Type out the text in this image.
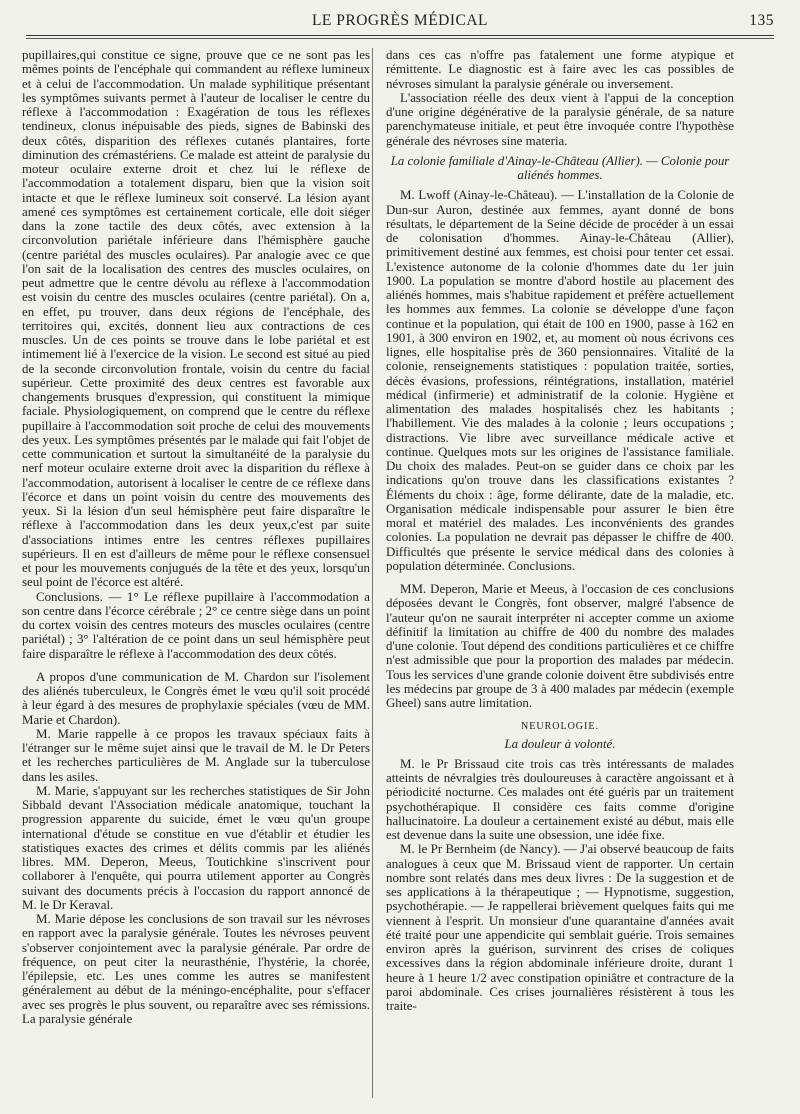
LE PROGRÈS MÉDICAL	135

pupillaires,qui constitue ce signe, prouve que ce ne sont pas les mêmes points de l'encéphale qui commandent au réflexe lumineux et à celui de l'accommodation. Un malade syphilitique présentant les symptômes suivants permet à l'auteur de localiser le centre du réflexe à l'accommodation : Exagération de tous les réflexes tendineux, clonus inépuisable des pieds, signes de Babinski des deux côtés, disparition des réflexes cutanés plantaires, forte diminution des crémastériens. Ce malade est atteint de paralysie du moteur oculaire externe droit et chez lui le réflexe de l'accommodation a totalement disparu, bien que la vision soit intacte et que le réflexe lumineux soit conservé. La lésion ayant amené ces symptômes est certainement corticale, elle doit siéger dans la zone tactile des deux côtés, avec extension à la circonvolution pariétale inférieure dans l'hémisphère gauche (centre pariétal des muscles oculaires). Par analogie avec ce que l'on sait de la localisation des centres des muscles oculaires, on peut admettre que le centre dévolu au réflexe à l'accommodation est voisin du centre des muscles oculaires (centre pariétal). On a, en effet, pu trouver, dans deux régions de l'encéphale, des territoires qui, excités, donnent lieu aux contractions de ces muscles. Un de ces points se trouve dans le lobe pariétal et est intimement lié à l'exercice de la vision. Le second est situé au pied de la seconde circonvolution frontale, voisin du centre du facial supérieur. Cette proximité des deux centres est favorable aux changements brusques d'expression, qui constituent la mimique faciale. Physiologiquement, on comprend que le centre du réflexe pupillaire à l'accommodation soit proche de celui des mouvements des yeux. Les symptômes présentés par le malade qui fait l'objet de cette communication et surtout la simultanéité de la paralysie du nerf moteur oculaire externe droit avec la disparition du réflexe à l'accommodation, autorisent à localiser le centre de ce réflexe dans l'écorce et dans un point voisin du centre des mouvements des yeux. Si la lésion d'un seul hémisphère peut faire disparaître le réflexe à l'accommodation dans les deux yeux,c'est par suite d'associations intimes entre les centres réflexes pupillaires supérieurs. Il en est d'ailleurs de même pour le réflexe consensuel et pour les mouvements conjugués de la tête et des yeux, lorsqu'un seul point de l'écorce est altéré.

Conclusions. — 1° Le réflexe pupillaire à l'accommodation a son centre dans l'écorce cérébrale ; 2° ce centre siège dans un point du cortex voisin des centres moteurs des muscles oculaires (centre pariétal) ; 3° l'altération de ce point dans un seul hémisphère peut faire disparaître le réflexe à l'accommodation des deux côtés.

A propos d'une communication de M. Chardon sur l'isolement des aliénés tuberculeux, le Congrès émet le vœu qu'il soit procédé à leur égard à des mesures de prophylaxie spéciales (vœu de MM. Marie et Chardon).

M. Marie rappelle à ce propos les travaux spéciaux faits à l'étranger sur le même sujet ainsi que le travail de M. le Dr Peters et les recherches particulières de M. Anglade sur la tuberculose dans les asiles.

M. Marie, s'appuyant sur les recherches statistiques de Sir John Sibbald devant l'Association médicale anatomique, touchant la progression apparente du suicide, émet le vœu qu'un groupe international d'étude se constitue en vue d'établir et étudier les statistiques exactes des crimes et délits commis par les aliénés libres. MM. Deperon, Meeus, Toutichkine s'inscrivent pour collaborer à l'enquête, qui pourra utilement apporter au Congrès suivant des documents précis à l'occasion du rapport annoncé de M. le Dr Keraval.

M. Marie dépose les conclusions de son travail sur les névroses en rapport avec la paralysie générale. Toutes les névroses peuvent s'observer conjointement avec la paralysie générale. Par ordre de fréquence, on peut citer la neurasthénie, l'hystérie, la chorée, l'épilepsie, etc. Les unes comme les autres se manifestent généralement au début de la méningo-encéphalite, pour s'effacer avec ses progrès le plus souvent, ou reparaître avec ses rémissions. La paralysie générale

dans ces cas n'offre pas fatalement une forme atypique et rémittente. Le diagnostic est à faire avec les cas possibles de névroses simulant la paralysie générale ou inversement.

L'association réelle des deux vient à l'appui de la conception d'une origine dégénérative de la paralysie générale, de sa nature parenchymateuse initiale, et peut être invoquée contre l'hypothèse générale des névroses sine materia.

La colonie familiale d'Ainay-le-Château (Allier). — Colonie pour aliénés hommes.

M. Lwoff (Ainay-le-Château). — L'installation de la Colonie de Dun-sur Auron, destinée aux femmes, ayant donné de bons résultats, le département de la Seine décide de procéder à un essai de colonisation d'hommes. Ainay-le-Château (Allier), primitivement destiné aux femmes, est choisi pour tenter cet essai. L'existence autonome de la colonie d'hommes date du 1er juin 1900. La population se montre d'abord hostile au placement des aliénés hommes, mais s'habitue rapidement et préfère actuellement les hommes aux femmes. La colonie se développe d'une façon continue et la population, qui était de 100 en 1900, passe à 162 en 1901, à 300 environ en 1902, et, au moment où nous écrivons ces lignes, elle hospitalise près de 360 pensionnaires. Vitalité de la colonie, renseignements statistiques : population traitée, sorties, décès évasions, professions, réintégrations, installation, matériel médical (infirmerie) et administratif de la colonie. Hygiène et alimentation des malades hospitalisés chez les habitants ; l'habillement. Vie des malades à la colonie ; leurs occupations ; distractions. Vie libre avec surveillance médicale active et continue. Quelques mots sur les origines de l'assistance familiale. Du choix des malades. Peut-on se guider dans ce choix par les indications qu'on trouve dans les classifications existantes ? Éléments du choix : âge, forme délirante, date de la maladie, etc. Organisation médicale indispensable pour assurer le bien être moral et matériel des malades. Les inconvénients des grandes colonies. La population ne devrait pas dépasser le chiffre de 400. Difficultés que présente le service médical dans des colonies à population déterminée. Conclusions.

MM. Deperon, Marie et Meeus, à l'occasion de ces conclusions déposées devant le Congrès, font observer, malgré l'absence de l'auteur qu'on ne saurait interpréter ni accepter comme un axiome définitif la limitation au chiffre de 400 du nombre des malades d'une colonie. Tout dépend des conditions particulières et ce chiffre n'est admissible que pour la proportion des malades par médecin. Tous les services d'une grande colonie doivent être subdivisés entre les médecins par groupe de 3 à 400 malades par médecin (exemple Gheel) sans autre limitation.

NEUROLOGIE.

La douleur à volonté.

M. le Pr Brissaud cite trois cas très intéressants de malades atteints de névralgies très douloureuses à caractère angoissant et à périodicité nocturne. Ces malades ont été guéris par un traitement psychothérapique. Il considère ces faits comme d'origine hallucinatoire. La douleur a certainement existé au début, mais elle est devenue dans la suite une obsession, une idée fixe.

M. le Pr Bernheim (de Nancy). — J'ai observé beaucoup de faits analogues à ceux que M. Brissaud vient de rapporter. Un certain nombre sont relatés dans mes deux livres : De la suggestion et de ses applications à la thérapeutique ; — Hypnotisme, suggestion, psychothérapie. — Je rappellerai brièvement quelques faits qui me viennent à l'esprit. Un monsieur d'une quarantaine d'années avait été traité pour une appendicite qui semblait guérie. Trois semaines environ après la guérison, survinrent des crises de coliques excessives dans la région abdominale inférieure droite, durant 1 heure à 1 heure 1/2 avec constipation opiniâtre et contracture de la paroi abdominale. Ces crises journalières résistèrent à tous les traite-
